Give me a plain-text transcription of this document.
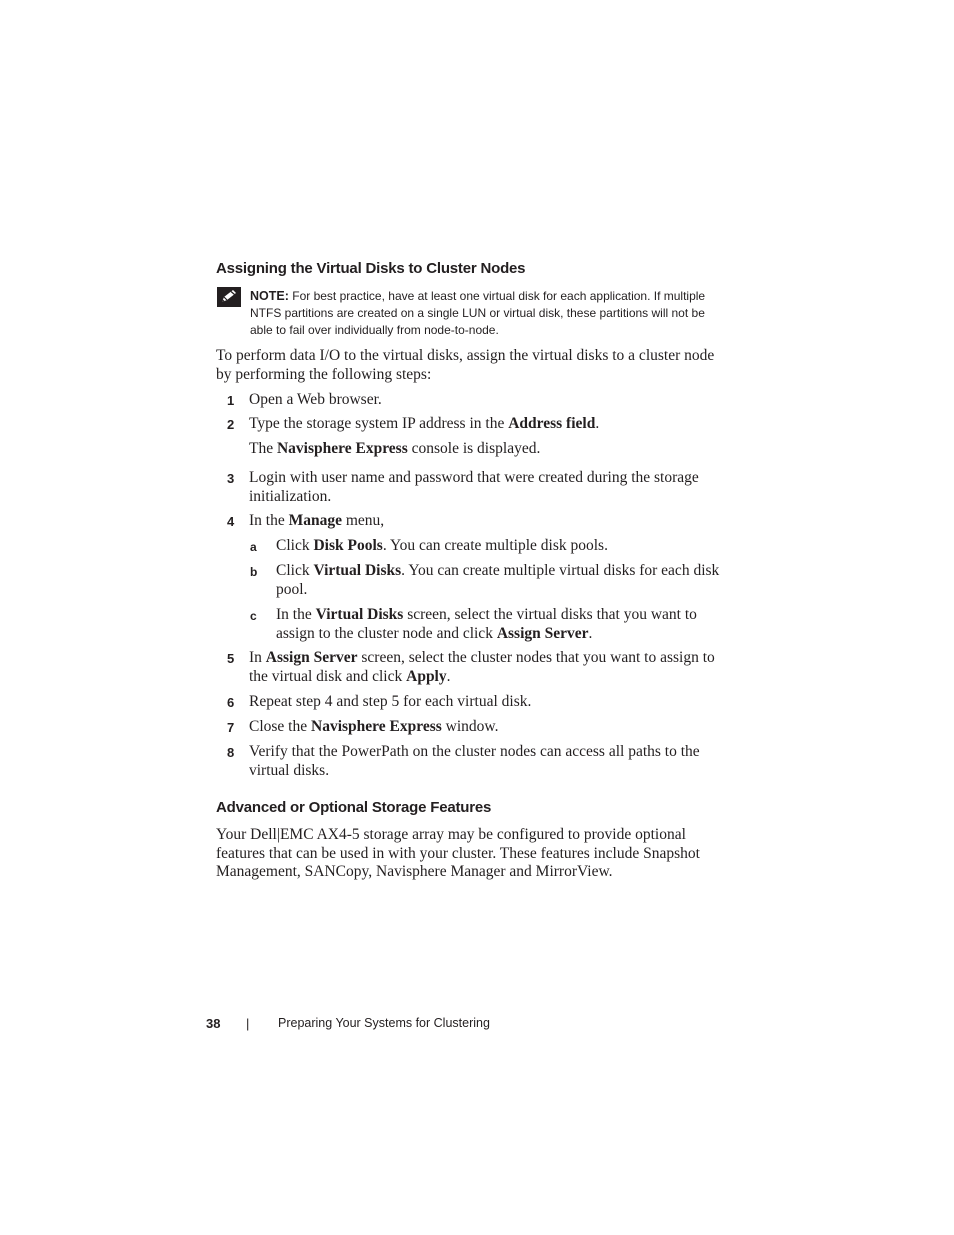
Assigning the Virtual Disks to Cluster Nodes
NOTE: For best practice, have at least one virtual disk for each application. If multiple NTFS partitions are created on a single LUN or virtual disk, these partitions will not be able to fail over individually from node-to-node.
To perform data I/O to the virtual disks, assign the virtual disks to a cluster node by performing the following steps:
1 Open a Web browser.
2 Type the storage system IP address in the Address field.
The Navisphere Express console is displayed.
3 Login with user name and password that were created during the storage initialization.
4 In the Manage menu,
a Click Disk Pools. You can create multiple disk pools.
b Click Virtual Disks. You can create multiple virtual disks for each disk pool.
c In the Virtual Disks screen, select the virtual disks that you want to assign to the cluster node and click Assign Server.
5 In Assign Server screen, select the cluster nodes that you want to assign to the virtual disk and click Apply.
6 Repeat step 4 and step 5 for each virtual disk.
7 Close the Navisphere Express window.
8 Verify that the PowerPath on the cluster nodes can access all paths to the virtual disks.
Advanced or Optional Storage Features
Your Dell|EMC AX4-5 storage array may be configured to provide optional features that can be used in with your cluster. These features include Snapshot Management, SANCopy, Navisphere Manager and MirrorView.
38 | Preparing Your Systems for Clustering
